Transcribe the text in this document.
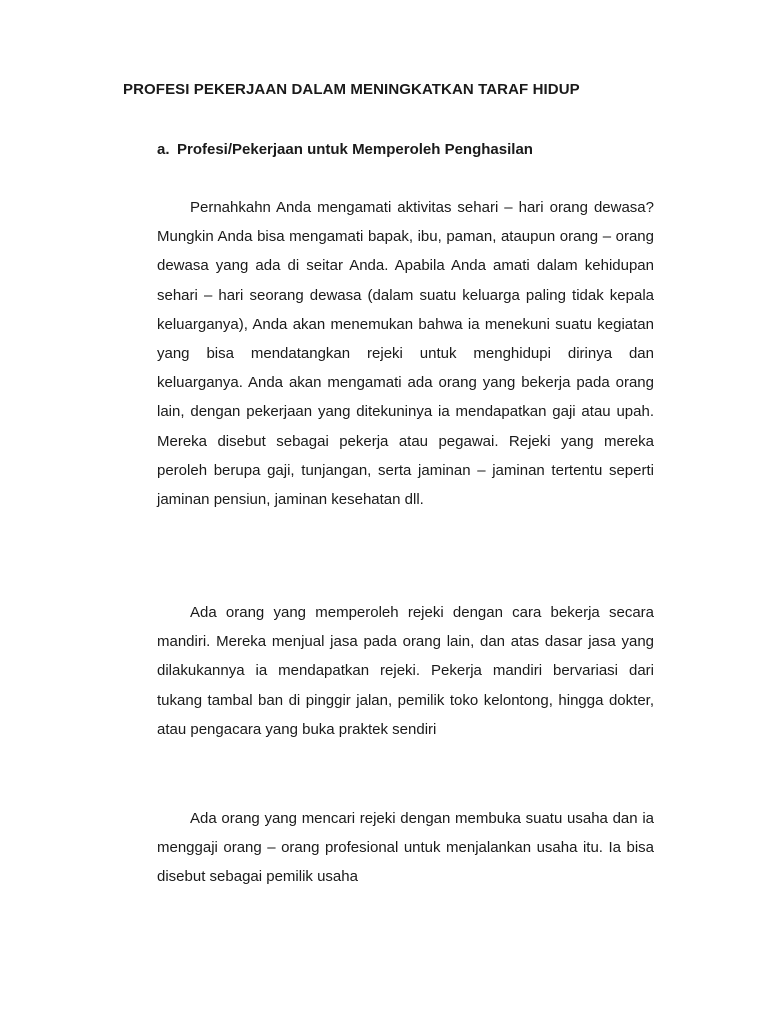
PROFESI PEKERJAAN DALAM MENINGKATKAN TARAF HIDUP
a. Profesi/Pekerjaan untuk Memperoleh Penghasilan

Pernahkahn Anda mengamati aktivitas sehari – hari orang dewasa? Mungkin Anda bisa mengamati bapak, ibu, paman, ataupun orang – orang dewasa yang ada di seitar Anda. Apabila Anda amati dalam kehidupan sehari – hari seorang dewasa (dalam suatu keluarga paling tidak kepala keluarganya), Anda akan menemukan bahwa ia menekuni suatu kegiatan yang bisa mendatangkan rejeki untuk menghidupi dirinya dan keluarganya. Anda akan mengamati ada orang yang bekerja pada orang lain, dengan pekerjaan yang ditekuninya ia mendapatkan gaji atau upah. Mereka disebut sebagai pekerja atau pegawai. Rejeki yang mereka peroleh berupa gaji, tunjangan, serta jaminan – jaminan tertentu seperti jaminan pensiun, jaminan kesehatan dll.

Ada orang yang memperoleh rejeki dengan cara bekerja secara mandiri. Mereka menjual jasa pada orang lain, dan atas dasar jasa yang dilakukannya ia mendapatkan rejeki. Pekerja mandiri bervariasi dari tukang tambal ban di pinggir jalan, pemilik toko kelontong, hingga dokter, atau pengacara yang buka praktek sendiri

Ada orang yang mencari rejeki dengan membuka suatu usaha dan ia menggaji orang – orang profesional untuk menjalankan usaha itu. Ia bisa disebut sebagai pemilik usaha
